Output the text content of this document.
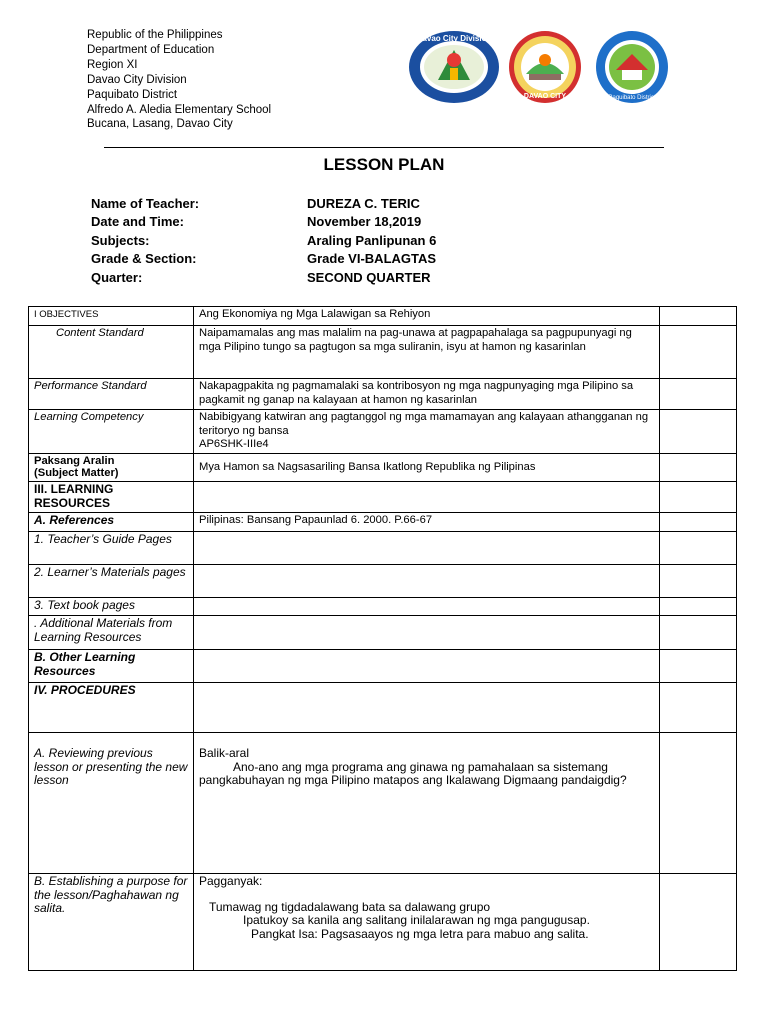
Republic of the Philippines
Department of Education
Region XI
Davao City Division
Paquibato District
Alfredo A. Aledia Elementary School
Bucana, Lasang, Davao City
Davao City Division
DAVAO CITY	Paquibato District
LESSON PLAN
Name of Teacher:	DUREZA C. TERIC
Date and Time:	November 18,2019
Subjects:	Araling Panlipunan 6
Grade & Section:	Grade VI-BALAGTAS
Quarter:	SECOND QUARTER
I OBJECTIVES	Ang Ekonomiya ng Mga Lalawigan sa Rehiyon	
Content Standard	Naipamamalas ang mas malalim na pag-unawa at pagpapahalaga sa pagpupunyagi ng mga Pilipino tungo sa pagtugon sa mga suliranin, isyu at hamon ng kasarinlan	
Performance Standard	Nakapagpakita ng pagmamalaki sa kontribosyon ng mga nagpunyaging mga Pilipino sa pagkamit ng ganap na kalayaan at hamon ng kasarinlan	
Learning Competency	Nabibigyang katwiran ang pagtanggol ng mga mamamayan ang kalayaan athangganan ng teritoryo ng bansa
AP6SHK-IIIe4	

Paksang Aralin
(Subject Matter)	Mya Hamon sa Nagsasariling Bansa Ikatlong Republika ng Pilipinas	
III. LEARNING RESOURCES		
A. References	Pilipinas: Bansang Papaunlad 6. 2000. P.66-67	
1. Teacher’s Guide Pages		
2. Learner’s Materials pages		
3. Text book pages		
. Additional Materials from Learning Resources		
B. Other Learning Resources		
IV. PROCEDURES		
A. Reviewing previous lesson or presenting the new lesson	Balik-aral
Ano-ano ang mga programa ang ginawa ng pamahalaan sa sistemang pangkabuhayan ng mga Pilipino matapos ang Ikalawang Digmaang pandaigdig?	

B. Establishing a purpose for the lesson/Paghahawan ng salita.	Pagganyak:
Tumawag ng tigdadalawang bata sa dalawang grupo
Ipatukoy sa kanila ang salitang inilalarawan ng mga pangugusap.
Pangkat Isa: Pagsasaayos ng mga letra para mabuo ang salita.	
